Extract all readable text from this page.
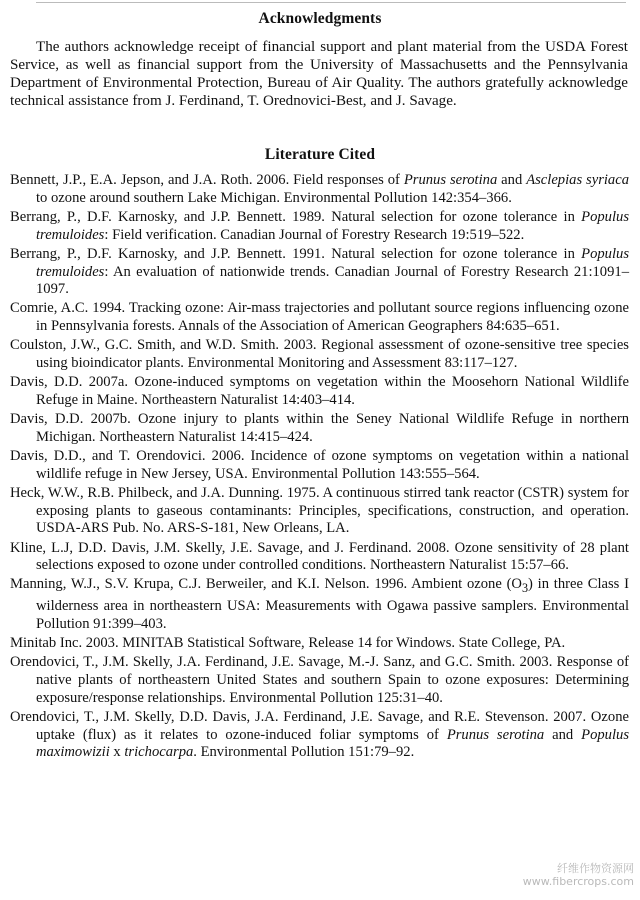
Acknowledgments

The authors acknowledge receipt of financial support and plant material from the USDA Forest Service, as well as financial support from the University of Massachusetts and the Pennsylvania Department of Environmental Protection, Bureau of Air Quality. The authors gratefully acknowledge technical assistance from J. Ferdinand, T. Orednovici-Best, and J. Savage.

Literature Cited
Bennett, J.P., E.A. Jepson, and J.A. Roth. 2006. Field responses of Prunus serotina and Asclepias syriaca to ozone around southern Lake Michigan. Environmental Pollution 142:354–366.
Berrang, P., D.F. Karnosky, and J.P. Bennett. 1989. Natural selection for ozone tolerance in Populus tremuloides: Field verification. Canadian Journal of Forestry Research 19:519–522.
Berrang, P., D.F. Karnosky, and J.P. Bennett. 1991. Natural selection for ozone tolerance in Populus tremuloides: An evaluation of nationwide trends. Canadian Journal of Forestry Research 21:1091–1097.
Comrie, A.C. 1994. Tracking ozone: Air-mass trajectories and pollutant source regions influencing ozone in Pennsylvania forests. Annals of the Association of American Geographers 84:635–651.
Coulston, J.W., G.C. Smith, and W.D. Smith. 2003. Regional assessment of ozone-sensitive tree species using bioindicator plants. Environmental Monitoring and Assessment 83:117–127.
Davis, D.D. 2007a. Ozone-induced symptoms on vegetation within the Moosehorn National Wildlife Refuge in Maine. Northeastern Naturalist 14:403–414.
Davis, D.D. 2007b. Ozone injury to plants within the Seney National Wildlife Refuge in northern Michigan. Northeastern Naturalist 14:415–424.
Davis, D.D., and T. Orendovici. 2006. Incidence of ozone symptoms on vegetation within a national wildlife refuge in New Jersey, USA. Environmental Pollution 143:555–564.
Heck, W.W., R.B. Philbeck, and J.A. Dunning. 1975. A continuous stirred tank reactor (CSTR) system for exposing plants to gaseous contaminants: Principles, specifications, construction, and operation. USDA-ARS Pub. No. ARS-S-181, New Orleans, LA.
Kline, L.J, D.D. Davis, J.M. Skelly, J.E. Savage, and J. Ferdinand. 2008. Ozone sensitivity of 28 plant selections exposed to ozone under controlled conditions. Northeastern Naturalist 15:57–66.
Manning, W.J., S.V. Krupa, C.J. Berweiler, and K.I. Nelson. 1996. Ambient ozone $(O_3)$ in three Class I wilderness area in northeastern USA: Measurements with Ogawa passive samplers. Environmental Pollution 91:399–403.
Minitab Inc. 2003. MINITAB Statistical Software, Release 14 for Windows. State College, PA.
Orendovici, T., J.M. Skelly, J.A. Ferdinand, J.E. Savage, M.-J. Sanz, and G.C. Smith. 2003. Response of native plants of northeastern United States and southern Spain to ozone exposures: Determining exposure/response relationships. Environmental Pollution 125:31–40.
Orendovici, T., J.M. Skelly, D.D. Davis, J.A. Ferdinand, J.E. Savage, and R.E. Stevenson. 2007. Ozone uptake (flux) as it relates to ozone-induced foliar symptoms of Prunus serotina and Populus maximowizii x trichocarpa. Environmental Pollution 151:79–92.
纤维作物资源网
www.fibercrops.com
